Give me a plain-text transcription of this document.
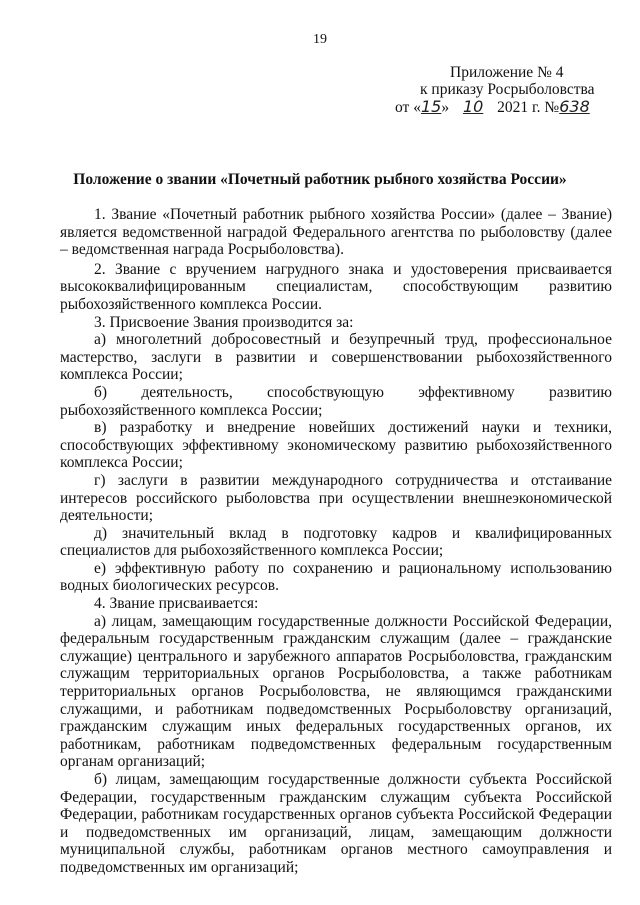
19
Приложение № 4
к приказу Росрыболовства
от «15» 10 2021 г. №638
Положение о звании «Почетный работник рыбного хозяйства России»

1. Звание «Почетный работник рыбного хозяйства России» (далее – Звание) является ведомственной наградой Федерального агентства по рыболовству (далее – ведомственная награда Росрыболовства).

2. Звание с вручением нагрудного знака и удостоверения присваивается высококвалифицированным специалистам, способствующим развитию рыбохозяйственного комплекса России.

3. Присвоение Звания производится за:

а) многолетний добросовестный и безупречный труд, профессиональное мастерство, заслуги в развитии и совершенствовании рыбохозяйственного комплекса России;

б) деятельность, способствующую эффективному развитию рыбохозяйственного комплекса России;

в) разработку и внедрение новейших достижений науки и техники, способствующих эффективному экономическому развитию рыбохозяйственного комплекса России;

г) заслуги в развитии международного сотрудничества и отстаивание интересов российского рыболовства при осуществлении внешнеэкономической деятельности;

д) значительный вклад в подготовку кадров и квалифицированных специалистов для рыбохозяйственного комплекса России;

е) эффективную работу по сохранению и рациональному использованию водных биологических ресурсов.

4. Звание присваивается:

а) лицам, замещающим государственные должности Российской Федерации, федеральным государственным гражданским служащим (далее – гражданские служащие) центрального и зарубежного аппаратов Росрыболовства, гражданским служащим территориальных органов Росрыболовства, а также работникам территориальных органов Росрыболовства, не являющимся гражданскими служащими, и работникам подведомственных Росрыболовству организаций, гражданским служащим иных федеральных государственных органов, их работникам, работникам подведомственных федеральным государственным органам организаций;

б) лицам, замещающим государственные должности субъекта Российской Федерации, государственным гражданским служащим субъекта Российской Федерации, работникам государственных органов субъекта Российской Федерации и подведомственных им организаций, лицам, замещающим должности муниципальной службы, работникам органов местного самоуправления и подведомственных им организаций;
